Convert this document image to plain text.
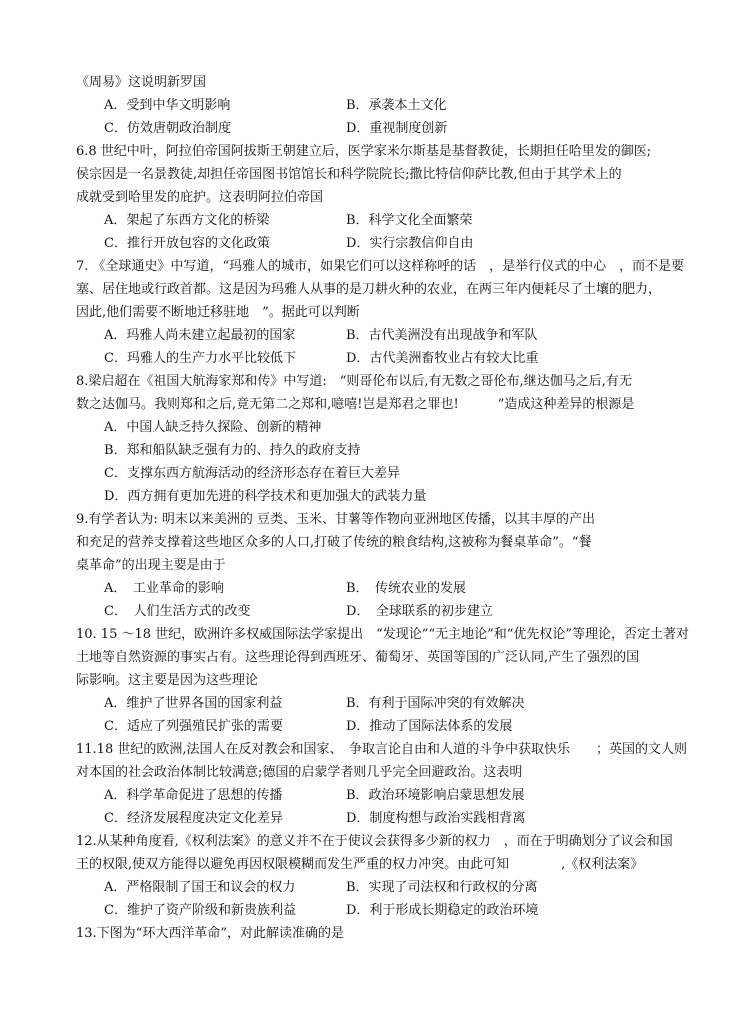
《周易》这说明新罗国
A．受到中华文明影响	B．承袭本土文化
C．仿效唐朝政治制度	D．重视制度创新
6.8 世纪中叶，阿拉伯帝国阿拔斯王朝建立后，医学家米尔斯基是基督教徒，长期担任哈里发的御医;
侯宗因是一名景教徒,却担任帝国图书馆馆长和科学院院长;撒比特信仰萨比教,但由于其学术上的
成就受到哈里发的庇护。这表明阿拉伯帝国
A．架起了东西方文化的桥梁	B．科学文化全面繁荣
C．推行开放包容的文化政策	D．实行宗教信仰自由
7. 《全球通史》中写道，“玛雅人的城市，如果它们可以这样称呼的话　，是举行仪式的中心　，而不是要
塞、居住地或行政首都。这是因为玛雅人从事的是刀耕火种的农业，在两三年内便耗尽了土壤的肥力，
因此,他们需要不断地迁移驻地　”。据此可以判断
A．玛雅人尚未建立起最初的国家	B．古代美洲没有出现战争和军队
C．玛雅人的生产力水平比较低下	D．古代美洲畜牧业占有较大比重
8.梁启超在《祖国大航海家郑和传》中写道:　“则哥伦布以后,有无数之哥伦布,继达伽马之后,有无
数之达伽马。我则郑和之后,竟无第二之郑和,噫嘻!岂是郑君之罪也!　　　”造成这种差异的根源是
A．中国人缺乏持久探险、创新的精神
B．郑和船队缺乏强有力的、持久的政府支持
C．支撑东西方航海活动的经济形态存在着巨大差异
D．西方拥有更加先进的科学技术和更加强大的武装力量
9.有学者认为: 明末以来美洲的 豆类、玉米、甘薯等作物向亚洲地区传播，以其丰厚的产出
和充足的营养支撑着这些地区众多的人口,打破了传统的粮食结构,这被称为餐桌革命”。“餐
桌革命”的出现主要是由于
A．　工业革命的影响	B．　传统农业的发展
C．　人们生活方式的改变	D．　全球联系的初步建立
10. 15 ～18 世纪，欧洲许多权威国际法学家提出　“发现论”“无主地论”和“优先权论”等理论，否定土著对
土地等自然资源的事实占有。这些理论得到西班牙、葡萄牙、英国等国的广泛认同,产生了强烈的国
际影响。这主要是因为这些理论
A．维护了世界各国的国家利益	B．有利于国际冲突的有效解决
C．适应了列强殖民扩张的需要	D．推动了国际法体系的发展
11.18 世纪的欧洲,法国人在反对教会和国家、　争取言论自由和人道的斗争中获取快乐　　；英国的文人则
对本国的社会政治体制比较满意;德国的启蒙学者则几乎完全回避政治。这表明
A．科学革命促进了思想的传播	B．政治环境影响启蒙思想发展
C．经济发展程度决定文化差异	D．制度构想与政治实践相背离
12.从某种角度看,《权利法案》的意义并不在于使议会获得多少新的权力　，而在于明确划分了议会和国
王的权限,使双方能得以避免再因权限模糊而发生严重的权力冲突。由此可知　　　　,《权利法案》
A．严格限制了国王和议会的权力	B．实现了司法权和行政权的分离
C．维护了资产阶级和新贵族利益	D．利于形成长期稳定的政治环境
13.下图为“环大西洋革命”，对此解读准确的是
